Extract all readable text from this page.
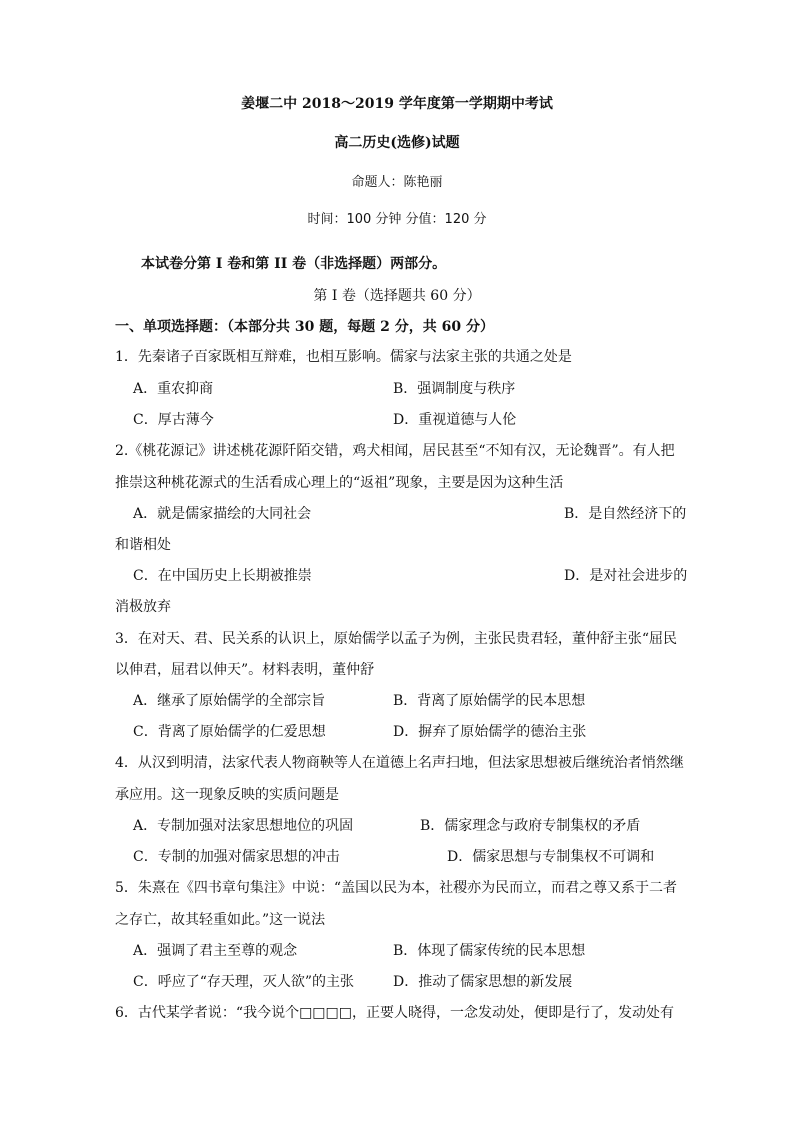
姜堰二中 2018～2019 学年度第一学期期中考试
高二历史(选修)试题
命题人：陈艳丽
时间：100 分钟 分值：120 分
本试卷分第 I 卷和第 II 卷（非选择题）两部分。
第 I 卷（选择题共 60 分）
一、单项选择题：（本部分共 30 题，每题 2 分，共 60 分）
1．先秦诸子百家既相互辩难，也相互影响。儒家与法家主张的共通之处是
A．重农抑商	B．强调制度与秩序
C．厚古薄今	D．重视道德与人伦
2.《桃花源记》讲述桃花源阡陌交错，鸡犬相闻，居民甚至“不知有汉，无论魏晋”。有人把
推崇这种桃花源式的生活看成心理上的“返祖”现象，主要是因为这种生活
A．就是儒家描绘的大同社会	B．是自然经济下的
和谐相处
C．在中国历史上长期被推崇	D．是对社会进步的
消极放弃
3．在对天、君、民关系的认识上，原始儒学以孟子为例，主张民贵君轻，董仲舒主张“屈民
以伸君，屈君以伸天”。材料表明，董仲舒
A．继承了原始儒学的全部宗旨	B．背离了原始儒学的民本思想
C．背离了原始儒学的仁爱思想	D．摒弃了原始儒学的德治主张
4．从汉到明清，法家代表人物商鞅等人在道德上名声扫地，但法家思想被后继统治者悄然继
承应用。这一现象反映的实质问题是
A．专制加强对法家思想地位的巩固	B．儒家理念与政府专制集权的矛盾
C．专制的加强对儒家思想的冲击	D．儒家思想与专制集权不可调和
5．朱熹在《四书章句集注》中说：“盖国以民为本，社稷亦为民而立，而君之尊又系于二者
之存亡，故其轻重如此。”这一说法
A．强调了君主至尊的观念	B．体现了儒家传统的民本思想
C．呼应了“存天理，灭人欲”的主张	D．推动了儒家思想的新发展
6．古代某学者说：“我今说个□□□□，正要人晓得，一念发动处，便即是行了，发动处有
